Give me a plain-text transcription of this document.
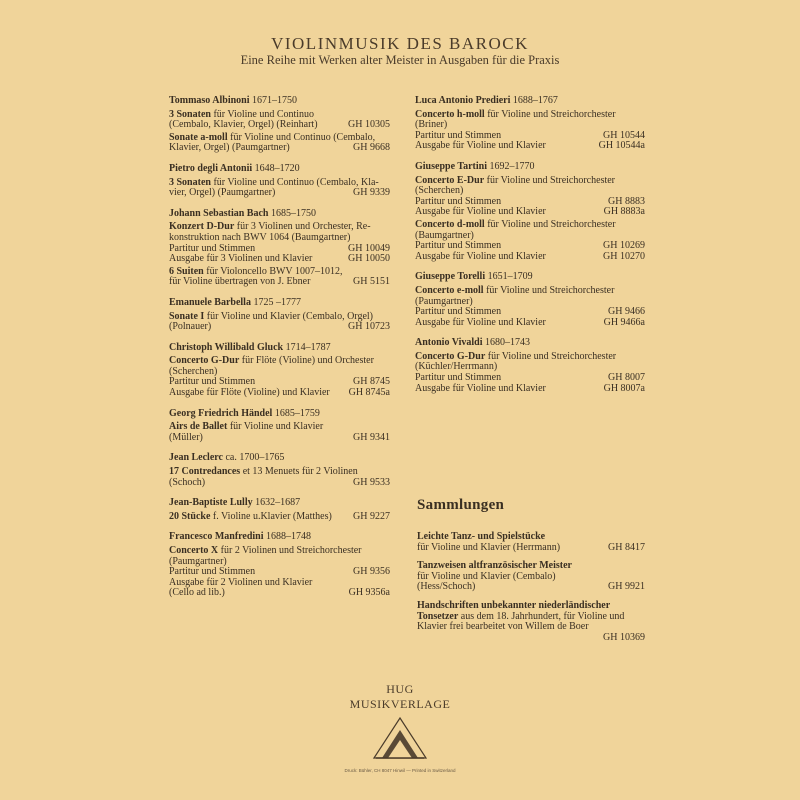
VIOLINMUSIK DES BAROCK
Eine Reihe mit Werken alter Meister in Ausgaben für die Praxis
Tommaso Albinoni 1671–1750
3 Sonaten für Violine und Continuo
(Cembalo, Klavier, Orgel) (Reinhart)	GH 10305
Sonate a-moll für Violine und Continuo (Cembalo,
Klavier, Orgel) (Paumgartner)	GH 9668
Pietro degli Antonii 1648–1720
3 Sonaten für Violine und Continuo (Cembalo, Kla-
vier, Orgel) (Paumgartner)	GH 9339
Johann Sebastian Bach 1685–1750
Konzert D-Dur für 3 Violinen und Orchester, Re-
konstruktion nach BWV 1064 (Baumgartner)
Partitur und Stimmen	GH 10049
Ausgabe für 3 Violinen und Klavier	GH 10050
6 Suiten für Violoncello BWV 1007–1012,
für Violine übertragen von J. Ebner	GH 5151
Emanuele Barbella 1725 –1777
Sonate I für Violine und Klavier (Cembalo, Orgel)
(Polnauer)	GH 10723
Christoph Willibald Gluck 1714–1787
Concerto G-Dur für Flöte (Violine) und Orchester
(Scherchen)
Partitur und Stimmen	GH 8745
Ausgabe für Flöte (Violine) und Klavier GH 8745a
Georg Friedrich Händel 1685–1759
Airs de Ballet für Violine und Klavier
(Müller)	GH 9341
Jean Leclerc ca. 1700–1765
17 Contredances et 13 Menuets für 2 Violinen
(Schoch)	GH 9533
Jean-Baptiste Lully 1632–1687
20 Stücke f. Violine u.Klavier (Matthes) GH 9227
Francesco Manfredini 1688–1748
Concerto X für 2 Violinen und Streichorchester
(Paumgartner)
Partitur und Stimmen	GH 9356
Ausgabe für 2 Violinen und Klavier
(Cello ad lib.)	GH 9356a
Luca Antonio Predieri 1688–1767
Concerto h-moll für Violine und Streichorchester
(Briner)
Partitur und Stimmen	GH 10544
Ausgabe für Violine und Klavier	GH 10544a
Giuseppe Tartini 1692–1770
Concerto E-Dur für Violine und Streichorchester
(Scherchen)
Partitur und Stimmen	GH 8883
Ausgabe für Violine und Klavier	GH 8883a
Concerto d-moll für Violine und Streichorchester
(Baumgartner)
Partitur und Stimmen	GH 10269
Ausgabe für Violine und Klavier	GH 10270
Giuseppe Torelli 1651–1709
Concerto e-moll für Violine und Streichorchester
(Paumgartner)
Partitur und Stimmen	GH 9466
Ausgabe für Violine und Klavier	GH 9466a
Antonio Vivaldi 1680–1743
Concerto G-Dur für Violine und Streichorchester
(Küchler/Herrmann)
Partitur und Stimmen	GH 8007
Ausgabe für Violine und Klavier	GH 8007a
Sammlungen
Leichte Tanz- und Spielstücke
für Violine und Klavier (Herrmann)	GH 8417
Tanzweisen altfranzösischer Meister
für Violine und Klavier (Cembalo)
(Hess/Schoch)	GH 9921
Handschriften unbekannter niederländischer
Tonsetzer aus dem 18. Jahrhundert, für Violine und
Klavier frei bearbeitet von Willem de Boer
GH 10369
HUG
MUSIKVERLAGE
Druck: Bühler, CH 8047 Hinwil — Printed in Switzerland
